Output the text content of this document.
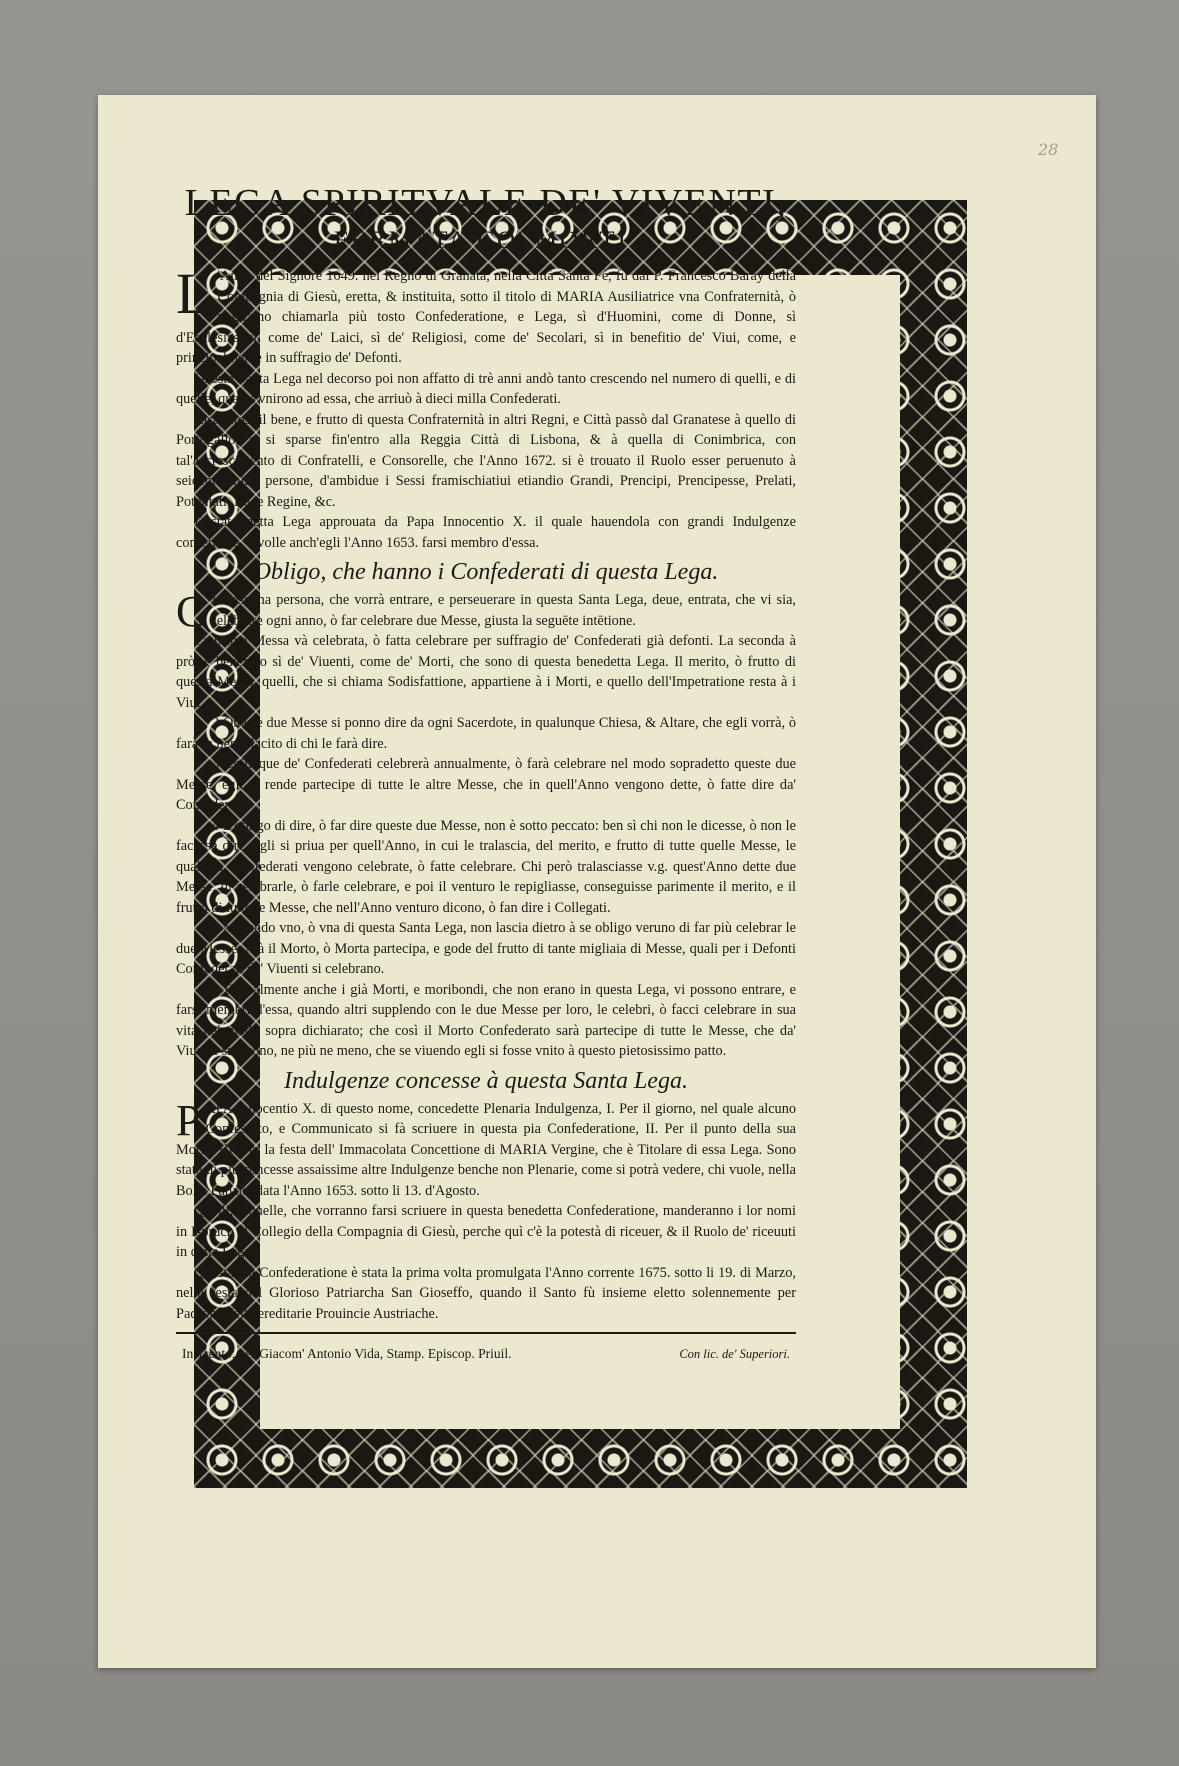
28
LEGA SPIRITVALE DE' VIVENTI,
FERMATA CO' MORTI.

L 'Anno del Signore 1649. nel Regno di Granata, nella Città Santa Fè, fù dal P. Francesco Baray della Compagnia di Giesù, eretta, & instituita, sotto il titolo di MARIA Ausiliatrice vna Confraternità, ò vogliamo chiamarla più tosto Confederatione, e Lega, sì d'Huomini, come di Donne, sì d'Ecclesiastici, come de' Laici, sì de' Religiosi, come de' Secolari, sì in benefitio de' Viui, come, e principalmente in suffragio de' Defonti.

Questa Santa Lega nel decorso poi non affatto di trè anni andò tanto crescendo nel numero di quelli, e di quelle, quali s'vnirono ad essa, che arriuò à dieci milla Confederati.

Risaputosi il bene, e frutto di questa Confraternità in altri Regni, e Città passò dal Granatese à quello di Portogallo, e si sparse fin'entro alla Reggia Città di Lisbona, & à quella di Conimbrica, con tal'accrescimento di Confratelli, e Consorelle, che l'Anno 1672. si è trouato il Ruolo esser peruenuto à seicento milla persone, d'ambidue i Sessi framischiatiui etiandio Grandi, Prencipi, Prencipesse, Prelati, Potentati, Rè, e Regine, &c.

E stata detta Lega approuata da Papa Innocentio X. il quale hauendola con grandi Indulgenze confermata, e volle anch'egli l'Anno 1653. farsi membro d'essa.

Obligo, che hanno i Confederati di questa Lega.

1
C Iascuna persona, che vorrà entrare, e perseuerare in questa Santa Lega, deue, entrata, che vi sia, celebrare ogni anno, ò far celebrare due Messe, giusta la seguēte intētione.

La prima Messa và celebrata, ò fatta celebrare per suffragio de' Confederati già defonti. La seconda à prò, e benefitio sì de' Viuenti, come de' Morti, che sono di questa benedetta Lega. Il merito, ò frutto di questa Messa, quelli, che si chiama Sodisfattione, appartiene à i Morti, e quello dell'Impetratione resta à i Viui.

2 Queste due Messe si ponno dire da ogni Sacerdote, in qualunque Chiesa, & Altare, che egli vorrà, ò farà in beneplacito di chi le farà dire.

3 Chiunque de' Confederati celebrerà annualmente, ò farà celebrare nel modo sopradetto queste due Messe, egli si rende partecipe di tutte le altre Messe, che in quell'Anno vengono dette, ò fatte dire da' Confederati.

4 L'obligo di dire, ò far dire queste due Messe, non è sotto peccato: ben sì chi non le dicesse, ò non le facesse dire, egli si priua per quell'Anno, in cui le tralascia, del merito, e frutto di tutte quelle Messe, le quali da' Confederati vengono celebrate, ò fatte celebrare. Chi però tralasciasse v.g. quest'Anno dette due Messe, di celebrarle, ò farle celebrare, e poi il venturo le repigliasse, conseguisse parimente il merito, e il frutto di tutte le Messe, che nell'Anno venturo dicono, ò fan dire i Collegati.

5 Morendo vno, ò vna di questa Santa Lega, non lascia dietro à se obligo veruno di far più celebrar le due Messe: Mà il Morto, ò Morta partecipa, e gode del frutto di tante migliaia di Messe, quali per i Defonti Confederati da' Viuenti si celebrano.

6 E finalmente anche i già Morti, e moribondi, che non erano in questa Lega, vi possono entrare, e farsi membri d'essa, quando altri supplendo con le due Messe per loro, le celebri, ò facci celebrare in sua vita nel modo sopra dichiarato; che così il Morto Confederato sarà partecipe di tutte le Messe, che da' Viuenti si dicono, ne più ne meno, che se viuendo egli si fosse vnito à questo pietosissimo patto.

Indulgenze concesse à questa Santa Lega.

PAPA Innocentio X. di questo nome, concedette Plenaria Indulgenza, I. Per il giorno, nel quale alcuno Confessato, e Communicato si fà scriuere in questa pia Confederatione, II. Per il punto della sua Morte, III. Per la festa dell' Immacolata Concettione di MARIA Vergine, che è Titolare di essa Lega. Sono state di più concesse assaissime altre Indulgenze benche non Plenarie, come si potrà vedere, chi vuole, nella Bolla Papale, data l'Anno 1653. sotto li 13. d'Agosto.

Quelli, e quelle, che vorranno farsi scriuere in questa benedetta Confederatione, manderanno i lor nomi in Ispruch al Collegio della Compagnia di Giesù, perche quì c'è la potestà di riceuer, & il Ruolo de' riceuuti in detta Lega.

Questa pia Confederatione è stata la prima volta promulgata l'Anno corrente 1675. sotto li 19. di Marzo, nella festa del Glorioso Patriarcha San Gioseffo, quando il Santo fù insieme eletto solennemente per Padrone delle ereditarie Prouincie Austriache.

In Trento, per Giacom' Antonio Vida, Stamp. Episcop. Priuil.	Con lic. de' Superiori.
